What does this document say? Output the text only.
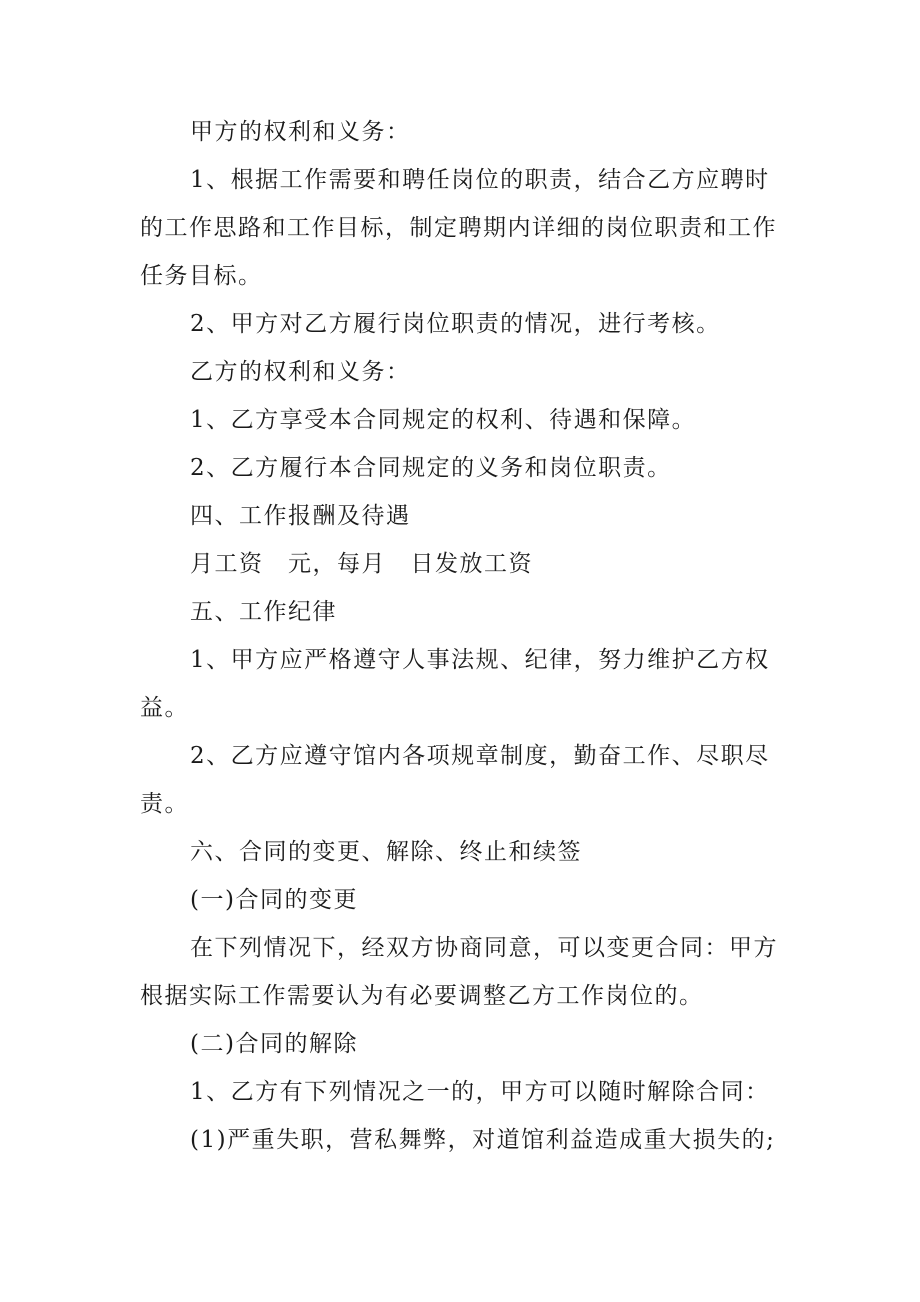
甲方的权利和义务：

1、根据工作需要和聘任岗位的职责，结合乙方应聘时的工作思路和工作目标，制定聘期内详细的岗位职责和工作任务目标。

2、甲方对乙方履行岗位职责的情况，进行考核。

乙方的权利和义务：

1、乙方享受本合同规定的权利、待遇和保障。

2、乙方履行本合同规定的义务和岗位职责。

四、工作报酬及待遇

月工资　元，每月　日发放工资

五、工作纪律

1、甲方应严格遵守人事法规、纪律，努力维护乙方权益。

2、乙方应遵守馆内各项规章制度，勤奋工作、尽职尽责。

六、合同的变更、解除、终止和续签

(一)合同的变更

在下列情况下，经双方协商同意，可以变更合同：甲方根据实际工作需要认为有必要调整乙方工作岗位的。

(二)合同的解除

1、乙方有下列情况之一的，甲方可以随时解除合同：

(1)严重失职，营私舞弊，对道馆利益造成重大损失的;
